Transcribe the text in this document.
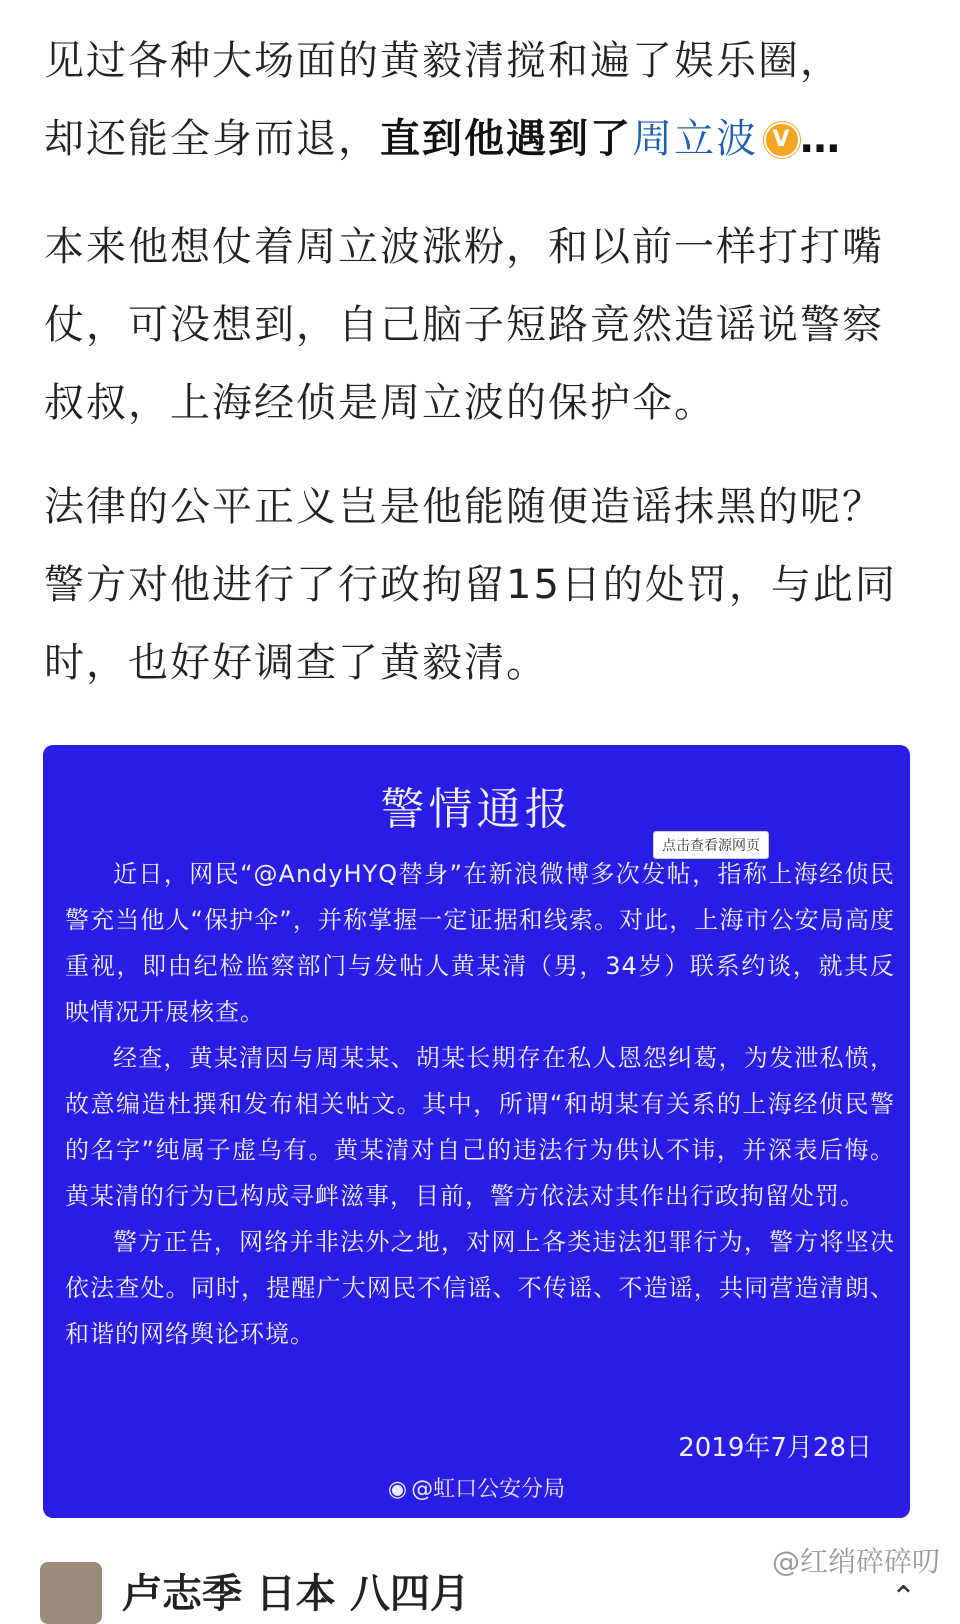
见过各种大场面的黄毅清搅和遍了娱乐圈，
却还能全身而退，直到他遇到了周立波 V …

本来他想仗着周立波涨粉，和以前一样打打嘴仗，可没想到，自己脑子短路竟然造谣说警察叔叔，上海经侦是周立波的保护伞。

法律的公平正义岂是他能随便造谣抹黑的呢？警方对他进行了行政拘留15日的处罚，与此同时，也好好调查了黄毅清。

警情通报
点击查看源网页

近日，网民“@AndyHYQ替身”在新浪微博多次发帖，指称上海经侦民警充当他人“保护伞”，并称掌握一定证据和线索。对此，上海市公安局高度重视，即由纪检监察部门与发帖人黄某清（男，34岁）联系约谈，就其反映情况开展核查。

经查，黄某清因与周某某、胡某长期存在私人恩怨纠葛，为发泄私愤，故意编造杜撰和发布相关帖文。其中，所谓“和胡某有关系的上海经侦民警的名字”纯属子虚乌有。黄某清对自己的违法行为供认不讳，并深表后悔。黄某清的行为已构成寻衅滋事，目前，警方依法对其作出行政拘留处罚。

警方正告，网络并非法外之地，对网上各类违法犯罪行为，警方将坚决依法查处。同时，提醒广大网民不信谣、不传谣、不造谣，共同营造清朗、和谐的网络舆论环境。

2019年7月28日
◉ @虹口公安分局
卢志季 日本 八四月
@红绡碎碎叨
⌃
